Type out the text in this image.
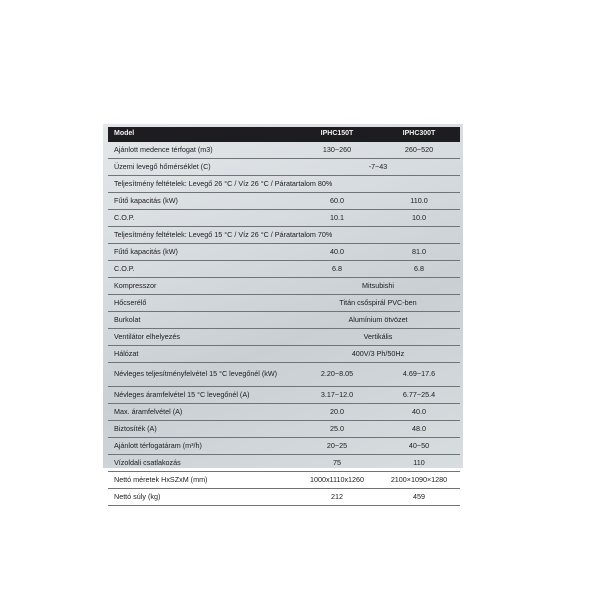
Model	IPHC150T	IPHC300T
Ajánlott medence térfogat (m3)	130~260	260~520
Üzemi levegő hőmérséklet (C)	-7~43	
Teljesítmény feltételek: Levegő 26 °C / Víz 26 °C / Páratartalom 80%		
Fűtő kapacitás (kW)	60.0	110.0
C.O.P.	10.1	10.0
Teljesítmény feltételek: Levegő 15 °C / Víz 26 °C / Páratartalom 70%		
Fűtő kapacitás (kW)	40.0	81.0
C.O.P.	6.8	6.8
Kompresszor	Mitsubishi	
Hőcserélő	Titán csőspirál PVC-ben	
Burkolat	Alumínium ötvözet	
Ventilátor elhelyezés	Vertikális	
Hálózat	400V/3 Ph/50Hz	
Névleges teljesítményfelvétel 15 °C levegőnél (kW)	2.20~8.05	4.69~17.6
Névleges áramfelvétel 15 °C levegőnél (A)	3.17~12.0	6.77~25.4
Max. áramfelvétel (A)	20.0	40.0
Biztosíték (A)	25.0	48.0
Ajánlott térfogatáram (m³/h)	20~25	40~50
Vízoldali csatlakozás	75	110
Nettó méretek HxSZxM (mm)	1000x1110x1260	2100×1090×1280
Nettó súly (kg)	212	459
